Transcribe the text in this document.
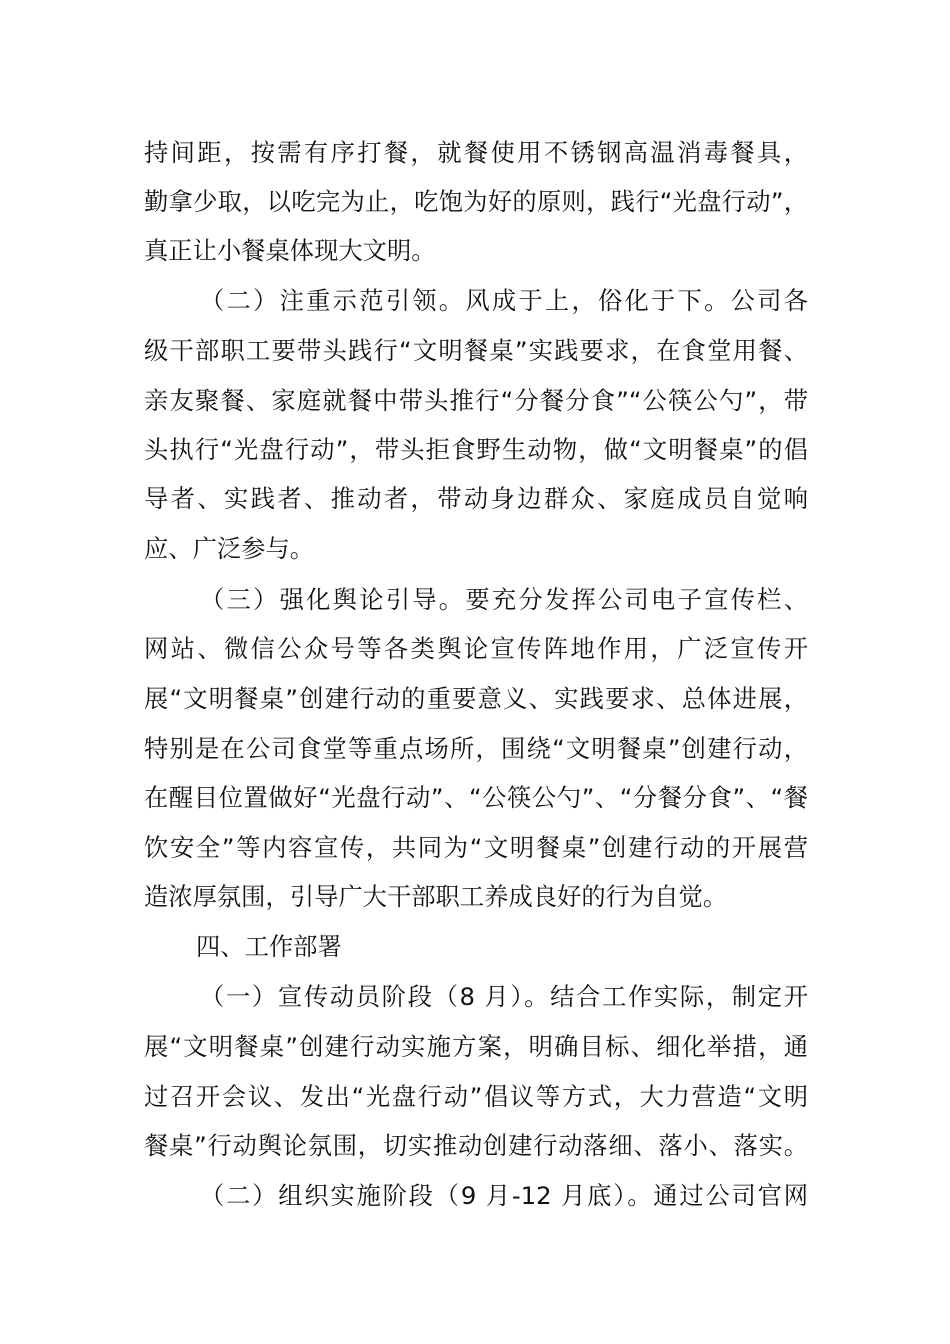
持间距，按需有序打餐，就餐使用不锈钢高温消毒餐具，
勤拿少取，以吃完为止，吃饱为好的原则，践行“光盘行动”，
真正让小餐桌体现大文明。
（二）注重示范引领。风成于上，俗化于下。公司各
级干部职工要带头践行“文明餐桌”实践要求，在食堂用餐、
亲友聚餐、家庭就餐中带头推行“分餐分食”“公筷公勺”，带
头执行“光盘行动”，带头拒食野生动物，做“文明餐桌”的倡
导者、实践者、推动者，带动身边群众、家庭成员自觉响
应、广泛参与。
（三）强化舆论引导。要充分发挥公司电子宣传栏、
网站、微信公众号等各类舆论宣传阵地作用，广泛宣传开
展“文明餐桌”创建行动的重要意义、实践要求、总体进展，
特别是在公司食堂等重点场所，围绕“文明餐桌”创建行动，
在醒目位置做好“光盘行动”、“公筷公勺”、“分餐分食”、“餐
饮安全”等内容宣传，共同为“文明餐桌”创建行动的开展营
造浓厚氛围，引导广大干部职工养成良好的行为自觉。
四、工作部署
（一）宣传动员阶段（8 月）。结合工作实际，制定开
展“文明餐桌”创建行动实施方案，明确目标、细化举措，通
过召开会议、发出“光盘行动”倡议等方式，大力营造“文明
餐桌”行动舆论氛围，切实推动创建行动落细、落小、落实。
（二）组织实施阶段（9 月-12 月底）。通过公司官网
